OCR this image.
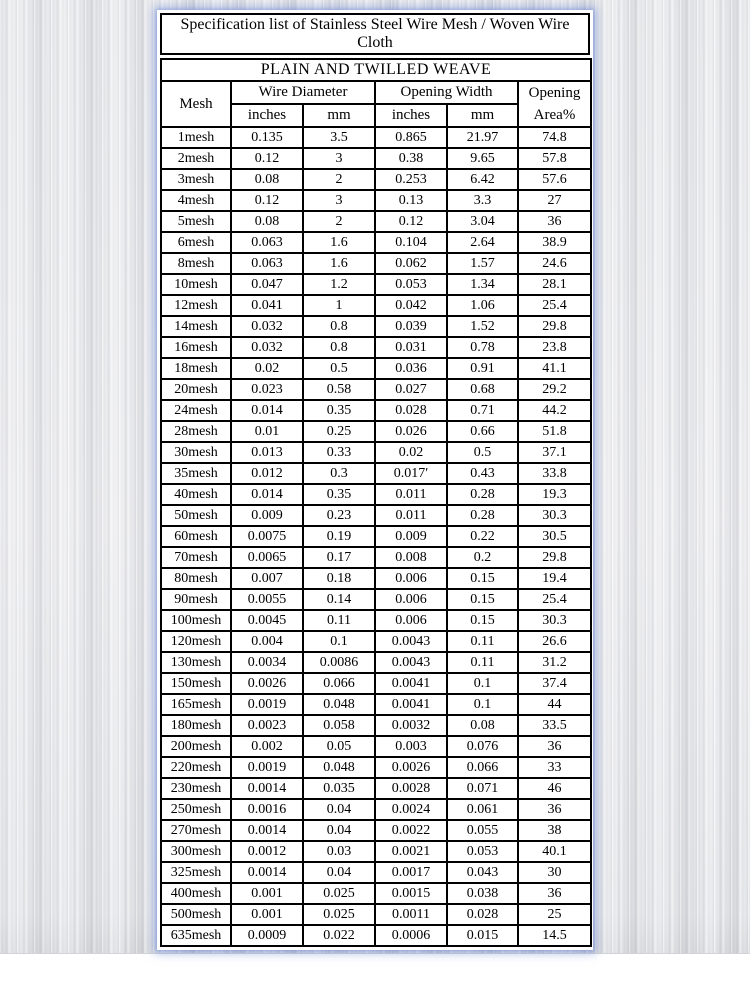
Specification list of Stainless Steel Wire Mesh / Woven Wire Cloth
PLAIN AND TWILLED WEAVE					
Mesh	Wire Diameter		Opening Width		Opening
Area%

	inches	mm	inches	mm	
1mesh	0.135	3.5	0.865	21.97	74.8
2mesh	0.12	3	0.38	9.65	57.8
3mesh	0.08	2	0.253	6.42	57.6
4mesh	0.12	3	0.13	3.3	27
5mesh	0.08	2	0.12	3.04	36
6mesh	0.063	1.6	0.104	2.64	38.9
8mesh	0.063	1.6	0.062	1.57	24.6
10mesh	0.047	1.2	0.053	1.34	28.1
12mesh	0.041	1	0.042	1.06	25.4
14mesh	0.032	0.8	0.039	1.52	29.8
16mesh	0.032	0.8	0.031	0.78	23.8
18mesh	0.02	0.5	0.036	0.91	41.1
20mesh	0.023	0.58	0.027	0.68	29.2
24mesh	0.014	0.35	0.028	0.71	44.2
28mesh	0.01	0.25	0.026	0.66	51.8
30mesh	0.013	0.33	0.02	0.5	37.1
35mesh	0.012	0.3	0.017′	0.43	33.8
40mesh	0.014	0.35	0.011	0.28	19.3
50mesh	0.009	0.23	0.011	0.28	30.3
60mesh	0.0075	0.19	0.009	0.22	30.5
70mesh	0.0065	0.17	0.008	0.2	29.8
80mesh	0.007	0.18	0.006	0.15	19.4
90mesh	0.0055	0.14	0.006	0.15	25.4
100mesh	0.0045	0.11	0.006	0.15	30.3
120mesh	0.004	0.1	0.0043	0.11	26.6
130mesh	0.0034	0.0086	0.0043	0.11	31.2
150mesh	0.0026	0.066	0.0041	0.1	37.4
165mesh	0.0019	0.048	0.0041	0.1	44
180mesh	0.0023	0.058	0.0032	0.08	33.5
200mesh	0.002	0.05	0.003	0.076	36
220mesh	0.0019	0.048	0.0026	0.066	33
230mesh	0.0014	0.035	0.0028	0.071	46
250mesh	0.0016	0.04	0.0024	0.061	36
270mesh	0.0014	0.04	0.0022	0.055	38
300mesh	0.0012	0.03	0.0021	0.053	40.1
325mesh	0.0014	0.04	0.0017	0.043	30
400mesh	0.001	0.025	0.0015	0.038	36
500mesh	0.001	0.025	0.0011	0.028	25
635mesh	0.0009	0.022	0.0006	0.015	14.5
